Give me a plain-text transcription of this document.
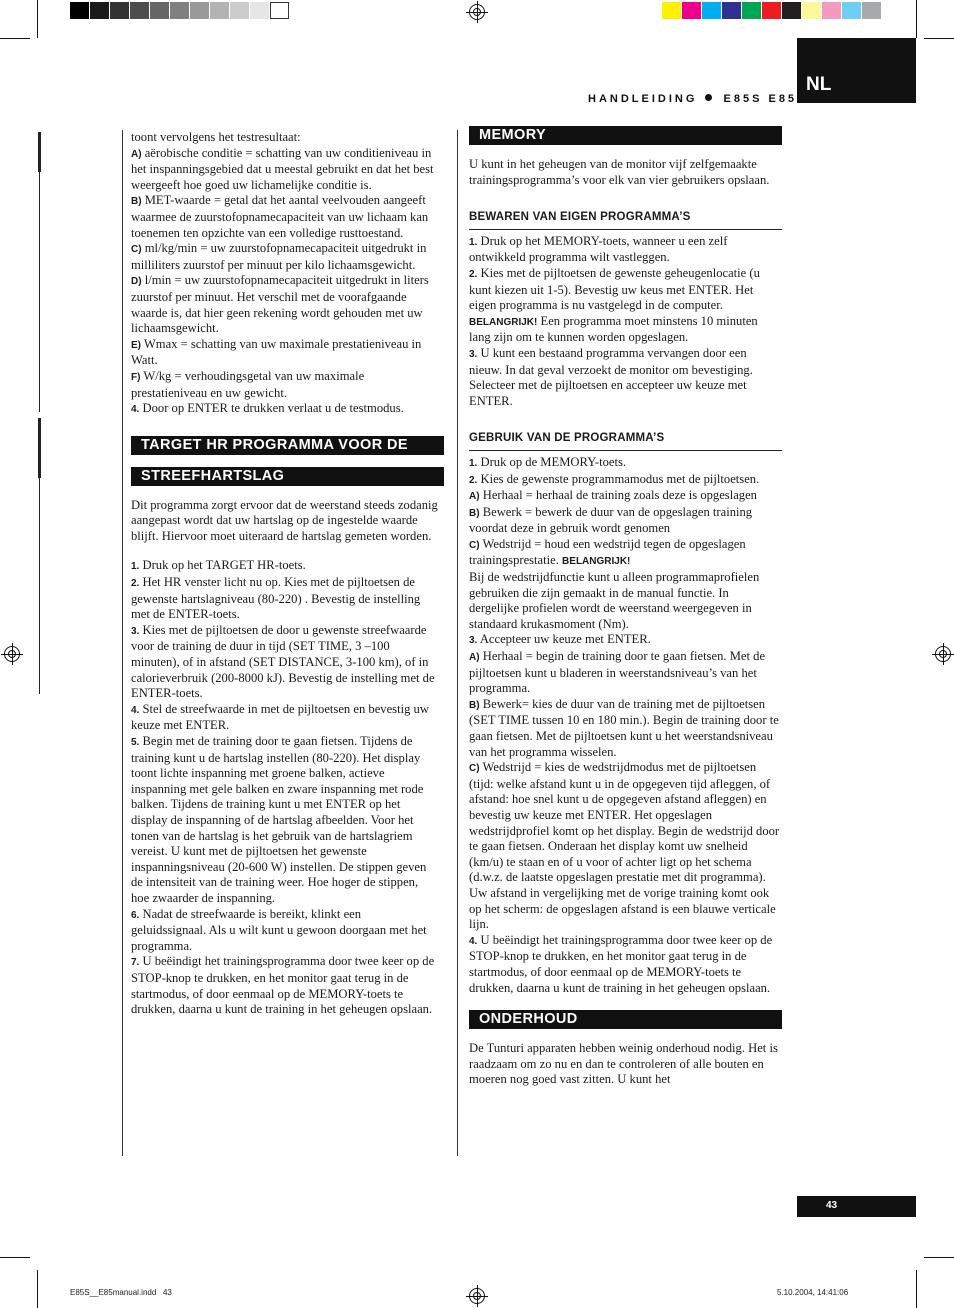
HANDLEIDING E85S E85
NL

toont vervolgens het testresultaat:

A) aërobische conditie = schatting van uw conditieniveau in het inspanningsgebied dat u meestal gebruikt en dat het best weergeeft hoe goed uw lichamelijke conditie is.

B) MET-waarde = getal dat het aantal veelvouden aangeeft waarmee de zuurstofopnamecapaciteit van uw lichaam kan toenemen ten opzichte van een volledige rusttoestand.

C) ml/kg/min = uw zuurstofopnamecapaciteit uitgedrukt in milliliters zuurstof per minuut per kilo lichaamsgewicht.

D) l/min = uw zuurstofopnamecapaciteit uitgedrukt in liters zuurstof per minuut. Het verschil met de voorafgaande waarde is, dat hier geen rekening wordt gehouden met uw lichaamsgewicht.

E) Wmax = schatting van uw maximale prestatieniveau in Watt.

F) W/kg = verhoudingsgetal van uw maximale prestatieniveau en uw gewicht.

4. Door op ENTER te drukken verlaat u de testmodus.

TARGET HR PROGRAMMA VOOR DE
STREEFHARTSLAG

Dit programma zorgt ervoor dat de weerstand steeds zodanig aangepast wordt dat uw hartslag op de ingestelde waarde blijft. Hiervoor moet uiteraard de hartslag gemeten worden.

1. Druk op het TARGET HR-toets.

2. Het HR venster licht nu op. Kies met de pijltoetsen de gewenste hartslagniveau (80-220) . Bevestig de instelling met de ENTER-toets.

3. Kies met de pijltoetsen de door u gewenste streefwaarde voor de training de duur in tijd (SET TIME, 3 –100 minuten), of in afstand (SET DISTANCE, 3-100 km), of in calorieverbruik (200-8000 kJ). Bevestig de instelling met de ENTER-toets.

4. Stel de streefwaarde in met de pijltoetsen en bevestig uw keuze met ENTER.

5. Begin met de training door te gaan fietsen. Tijdens de training kunt u de hartslag instellen (80-220). Het display toont lichte inspanning met groene balken, actieve inspanning met gele balken en zware inspanning met rode balken. Tijdens de training kunt u met ENTER op het display de inspanning of de hartslag afbeelden. Voor het tonen van de hartslag is het gebruik van de hartslagriem vereist. U kunt met de pijltoetsen het gewenste inspanningsniveau (20-600 W) instellen. De stippen geven de intensiteit van de training weer. Hoe hoger de stippen, hoe zwaarder de inspanning.

6. Nadat de streefwaarde is bereikt, klinkt een geluidssignaal. Als u wilt kunt u gewoon doorgaan met het programma.

7. U beëindigt het trainingsprogramma door twee keer op de STOP-knop te drukken, en het monitor gaat terug in de startmodus, of door eenmaal op de MEMORY-toets te drukken, daarna u kunt de training in het geheugen opslaan.

MEMORY

U kunt in het geheugen van de monitor vijf zelfgemaakte trainingsprogramma’s voor elk van vier gebruikers opslaan.

BEWAREN VAN EIGEN PROGRAMMA’S

1. Druk op het MEMORY-toets, wanneer u een zelf ontwikkeld programma wilt vastleggen.

2. Kies met de pijltoetsen de gewenste geheugenlocatie (u kunt kiezen uit 1-5). Bevestig uw keus met ENTER. Het eigen programma is nu vastgelegd in de computer.

BELANGRIJK! Een programma moet minstens 10 minuten lang zijn om te kunnen worden opgeslagen.

3. U kunt een bestaand programma vervangen door een nieuw. In dat geval verzoekt de monitor om bevestiging. Selecteer met de pijltoetsen en accepteer uw keuze met ENTER.

GEBRUIK VAN DE PROGRAMMA’S

1. Druk op de MEMORY-toets.

2. Kies de gewenste programmamodus met de pijltoetsen.

A) Herhaal = herhaal de training zoals deze is opgeslagen

B) Bewerk = bewerk de duur van de opgeslagen training voordat deze in gebruik wordt genomen

C) Wedstrijd = houd een wedstrijd tegen de opgeslagen trainingsprestatie. BELANGRIJK!

Bij de wedstrijdfunctie kunt u alleen programmaprofielen gebruiken die zijn gemaakt in de manual functie. In dergelijke profielen wordt de weerstand weergegeven in standaard krukasmoment (Nm).

3. Accepteer uw keuze met ENTER.

A) Herhaal = begin de training door te gaan fietsen. Met de pijltoetsen kunt u bladeren in weerstandsniveau’s van het programma.

B) Bewerk= kies de duur van de training met de pijltoetsen (SET TIME tussen 10 en 180 min.). Begin de training door te gaan fietsen. Met de pijltoetsen kunt u het weerstandsniveau van het programma wisselen.

C) Wedstrijd = kies de wedstrijdmodus met de pijltoetsen (tijd: welke afstand kunt u in de opgegeven tijd afleggen, of afstand: hoe snel kunt u de opgegeven afstand afleggen) en bevestig uw keuze met ENTER. Het opgeslagen wedstrijdprofiel komt op het display. Begin de wedstrijd door te gaan fietsen. Onderaan het display komt uw snelheid (km/u) te staan en of u voor of achter ligt op het schema (d.w.z. de laatste opgeslagen prestatie met dit programma).

Uw afstand in vergelijking met de vorige training komt ook op het scherm: de opgeslagen afstand is een blauwe verticale lijn.

4. U beëindigt het trainingsprogramma door twee keer op de STOP-knop te drukken, en het monitor gaat terug in de startmodus, of door eenmaal op de MEMORY-toets te drukken, daarna u kunt de training in het geheugen opslaan.

ONDERHOUD

De Tunturi apparaten hebben weinig onderhoud nodig. Het is raadzaam om zo nu en dan te controleren of alle bouten en moeren nog goed vast zitten. U kunt het

43
E85S__E85manual.indd 43	5.10.2004, 14:41:06
